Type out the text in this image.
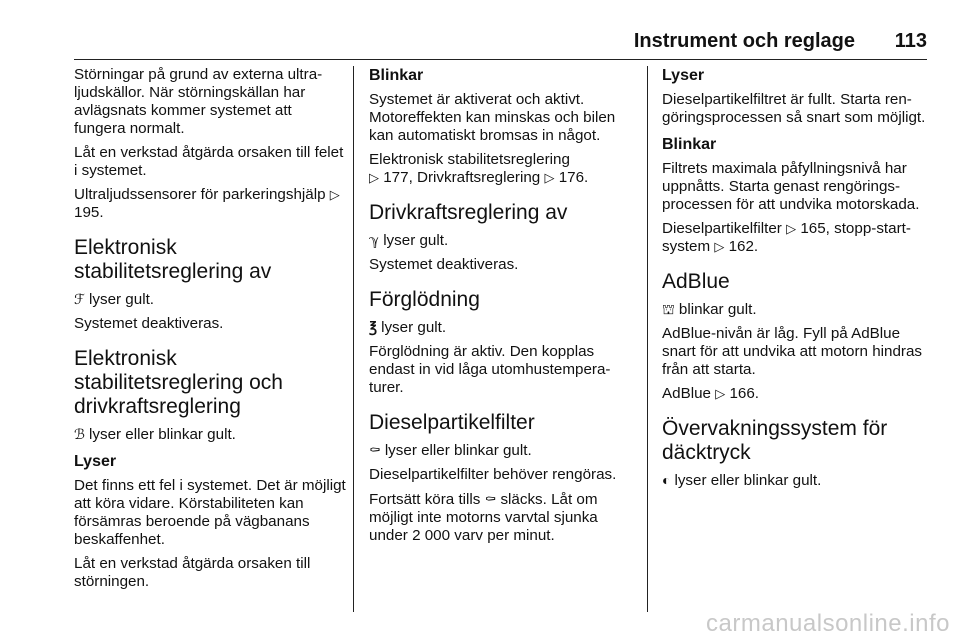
Instrument och reglage 113

Störningar på grund av externa ultraljudskällor. När störningskällan har avlägsnats kommer systemet att fungera normalt.

Låt en verkstad åtgärda orsaken till felet i systemet.

Ultraljudssensorer för parkeringshjälp ▷ 195.

Elektronisk stabilitetsreglering av

ℱ lyser gult.

Systemet deaktiveras.

Elektronisk stabilitetsreglering och drivkraftsreglering

ℬ lyser eller blinkar gult.

Lyser

Det finns ett fel i systemet. Det är möjligt att köra vidare. Körstabiliteten kan försämras beroende på vägbanans beskaffenhet.

Låt en verkstad åtgärda orsaken till störningen.

Blinkar

Systemet är aktiverat och aktivt. Motoreffekten kan minskas och bilen kan automatiskt bromsas in något.

Elektronisk stabilitetsreglering
▷ 177, Drivkraftsreglering ▷ 176.

Drivkraftsreglering av

ℽ lyser gult.

Systemet deaktiveras.

Förglödning

℥ lyser gult.

Förglödning är aktiv. Den kopplas endast in vid låga utomhustemperaturer.

Dieselpartikelfilter

⚰ lyser eller blinkar gult.

Dieselpartikelfilter behöver rengöras.

Fortsätt köra tills ⚰ släcks. Låt om möjligt inte motorns varvtal sjunka under 2 000 varv per minut.

Lyser

Dieselpartikelfiltret är fullt. Starta rengöringsprocessen så snart som möjligt.

Blinkar

Filtrets maximala påfyllningsnivå har uppnåtts. Starta genast rengöringsprocessen för att undvika motorskada.

Dieselpartikelfilter ▷ 165, stopp-start-system ▷ 162.

AdBlue

⛫ blinkar gult.

AdBlue-nivån är låg. Fyll på AdBlue snart för att undvika att motorn hindras från att starta.

AdBlue ▷ 166.

Övervakningssystem för däcktryck

◐ lyser eller blinkar gult.

carmanualsonline.info
